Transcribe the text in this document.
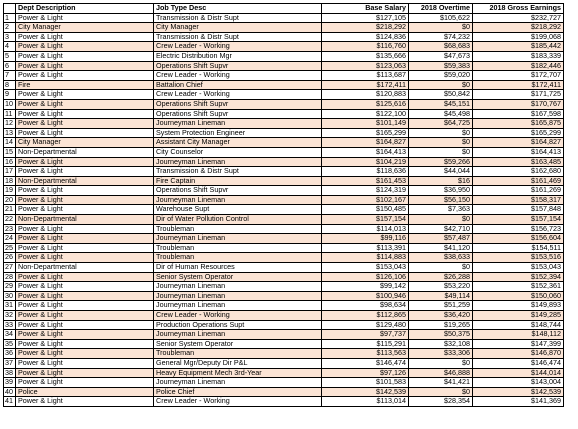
	Dept Description	Job Type Desc	Base Salary	2018 Overtime	2018 Gross Earnings
1	Power & Light	Transmission & Distr Supt	$127,105	$105,622	$232,727
2	City Manager	City Manager	$218,292	$0	$218,292
3	Power & Light	Transmission & Distr Supt	$124,836	$74,232	$199,068
4	Power & Light	Crew Leader - Working	$116,760	$68,683	$185,442
5	Power & Light	Electric Distribution Mgr	$135,666	$47,673	$183,339
6	Power & Light	Operations Shift Supvr	$123,063	$59,383	$182,446
7	Power & Light	Crew Leader - Working	$113,687	$59,020	$172,707
8	Fire	Battalion Chief	$172,411	$0	$172,411
9	Power & Light	Crew Leader - Working	$120,883	$50,842	$171,725
10	Power & Light	Operations Shift Supvr	$125,616	$45,151	$170,767
11	Power & Light	Operations Shift Supvr	$122,100	$45,498	$167,598
12	Power & Light	Journeyman Lineman	$101,149	$64,725	$165,875
13	Power & Light	System Protection Engineer	$165,299	$0	$165,299
14	City Manager	Assistant City Manager	$164,827	$0	$164,827
15	Non-Departmental	City Counselor	$164,413	$0	$164,413
16	Power & Light	Journeyman Lineman	$104,219	$59,266	$163,485
17	Power & Light	Transmission & Distr Supt	$118,636	$44,044	$162,680
18	Non-Departmental	Fire Captain	$161,453	$16	$161,469
19	Power & Light	Operations Shift Supvr	$124,319	$36,950	$161,269
20	Power & Light	Journeyman Lineman	$102,167	$56,150	$158,317
21	Power & Light	Warehouse Supt	$150,485	$7,363	$157,848
22	Non-Departmental	Dir of Water Pollution Control	$157,154	$0	$157,154
23	Power & Light	Troubleman	$114,013	$42,710	$156,723
24	Power & Light	Journeyman Lineman	$99,116	$57,487	$156,604
25	Power & Light	Troubleman	$113,391	$41,120	$154,511
26	Power & Light	Troubleman	$114,883	$38,633	$153,516
27	Non-Departmental	Dir of Human Resources	$153,043	$0	$153,043
28	Power & Light	Senior System Operator	$126,106	$26,288	$152,394
29	Power & Light	Journeyman Lineman	$99,142	$53,220	$152,361
30	Power & Light	Journeyman Lineman	$100,946	$49,114	$150,060
31	Power & Light	Journeyman Lineman	$98,634	$51,259	$149,893
32	Power & Light	Crew Leader - Working	$112,865	$36,420	$149,285
33	Power & Light	Production Operations Supt	$129,480	$19,265	$148,744
34	Power & Light	Journeyman Lineman	$97,737	$50,375	$148,112
35	Power & Light	Senior System Operator	$115,291	$32,108	$147,399
36	Power & Light	Troubleman	$113,563	$33,306	$146,870
37	Power & Light	General Mgr/Deputy Dir P&L	$146,474	$0	$146,474
38	Power & Light	Heavy Equipment Mech 3rd-Year	$97,126	$46,888	$144,014
39	Power & Light	Journeyman Lineman	$101,583	$41,421	$143,004
40	Police	Police Chief	$142,539	$0	$142,539
41	Power & Light	Crew Leader - Working	$113,014	$28,354	$141,369
